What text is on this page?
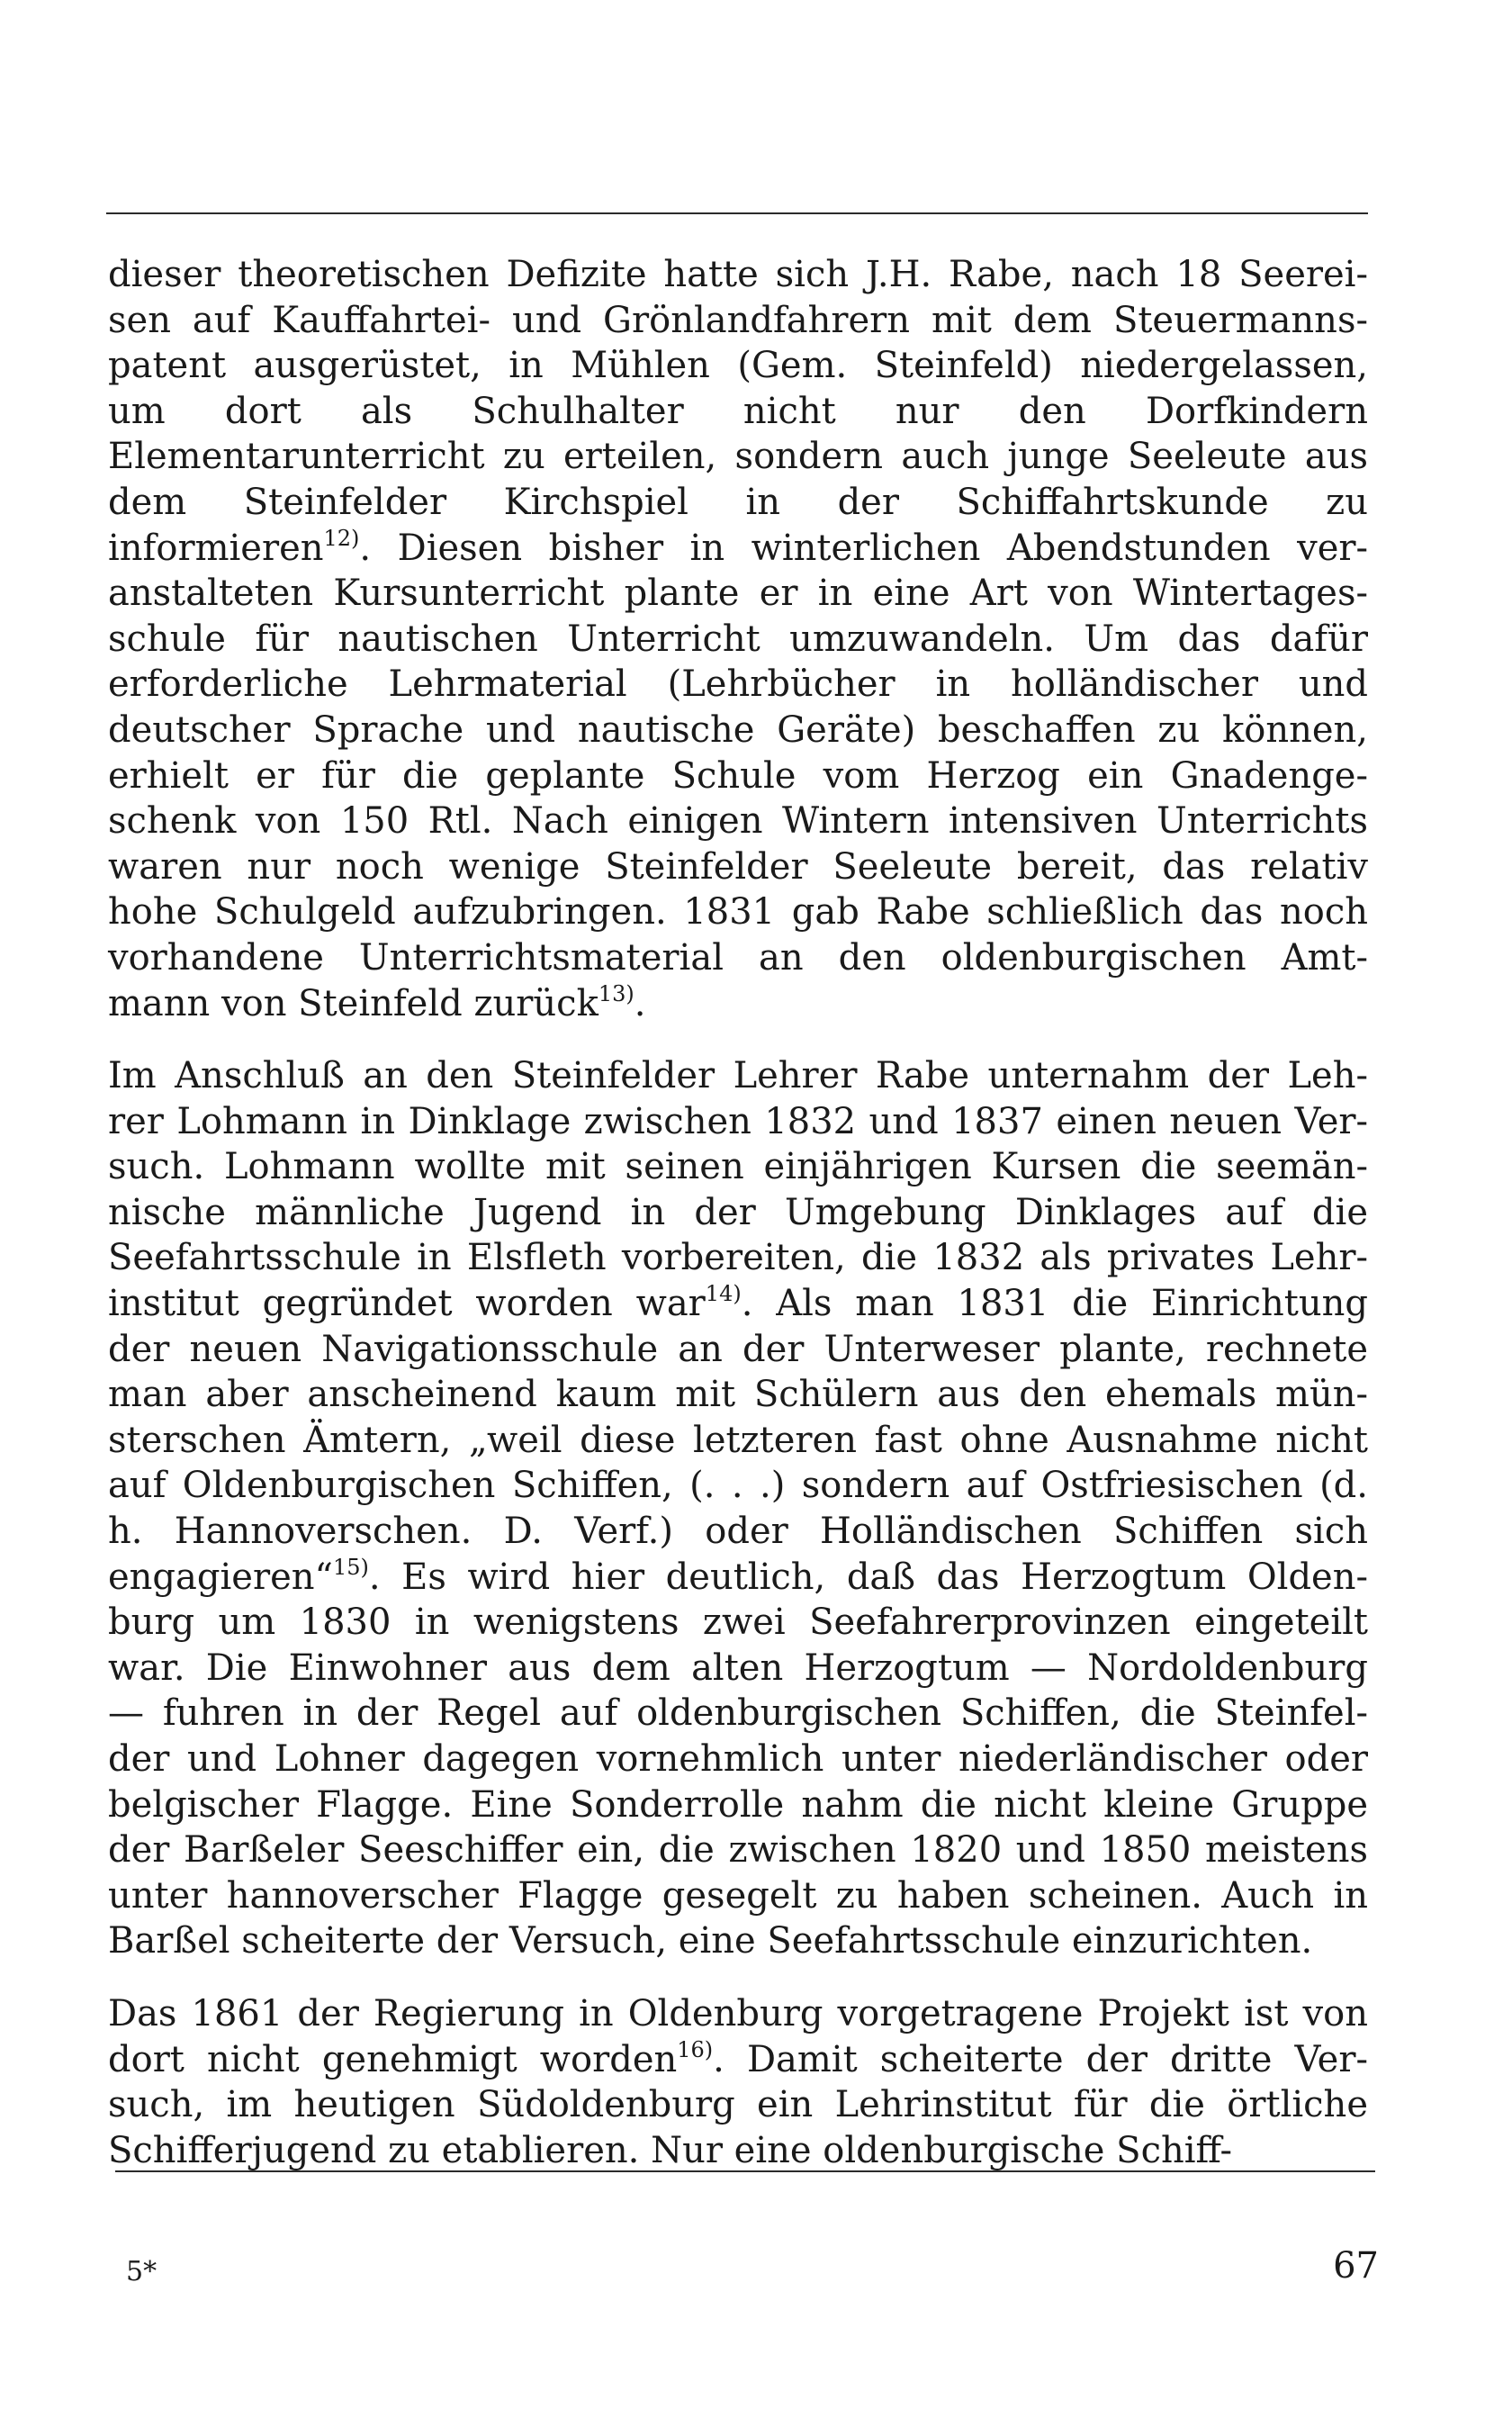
dieser theoretischen Defizite hatte sich J.H. Rabe, nach 18 Seerei-
sen auf Kauffahrtei- und Grönlandfahrern mit dem Steuermanns-
patent ausgerüstet, in Mühlen (Gem. Steinfeld) niedergelassen,
um dort als Schulhalter nicht nur den Dorfkindern
Elementarunterricht zu erteilen, sondern auch junge Seeleute aus
dem Steinfelder Kirchspiel in der Schiffahrtskunde zu
informieren$^{12)}$. Diesen bisher in winterlichen Abendstunden ver-
anstalteten Kursunterricht plante er in eine Art von Wintertages-
schule für nautischen Unterricht umzuwandeln. Um das dafür
erforderliche Lehrmaterial (Lehrbücher in holländischer und
deutscher Sprache und nautische Geräte) beschaffen zu können,
erhielt er für die geplante Schule vom Herzog ein Gnadenge-
schenk von 150 Rtl. Nach einigen Wintern intensiven Unterrichts
waren nur noch wenige Steinfelder Seeleute bereit, das relativ
hohe Schulgeld aufzubringen. 1831 gab Rabe schließlich das noch
vorhandene Unterrichtsmaterial an den oldenburgischen Amt-
mann von Steinfeld zurück$^{13)}$.

Im Anschluß an den Steinfelder Lehrer Rabe unternahm der Leh-
rer Lohmann in Dinklage zwischen 1832 und 1837 einen neuen Ver-
such. Lohmann wollte mit seinen einjährigen Kursen die seemän-
nische männliche Jugend in der Umgebung Dinklages auf die
Seefahrtsschule in Elsfleth vorbereiten, die 1832 als privates Lehr-
institut gegründet worden war$^{14)}$. Als man 1831 die Einrichtung
der neuen Navigationsschule an der Unterweser plante, rechnete
man aber anscheinend kaum mit Schülern aus den ehemals mün-
sterschen Ämtern, „weil diese letzteren fast ohne Ausnahme nicht
auf Oldenburgischen Schiffen, (. . .) sondern auf Ostfriesischen (d.
h. Hannoverschen. D. Verf.) oder Holländischen Schiffen sich
engagieren“$^{15)}$. Es wird hier deutlich, daß das Herzogtum Olden-
burg um 1830 in wenigstens zwei Seefahrerprovinzen eingeteilt
war. Die Einwohner aus dem alten Herzogtum — Nordoldenburg
— fuhren in der Regel auf oldenburgischen Schiffen, die Steinfel-
der und Lohner dagegen vornehmlich unter niederländischer oder
belgischer Flagge. Eine Sonderrolle nahm die nicht kleine Gruppe
der Barßeler Seeschiffer ein, die zwischen 1820 und 1850 meistens
unter hannoverscher Flagge gesegelt zu haben scheinen. Auch in
Barßel scheiterte der Versuch, eine Seefahrtsschule einzurichten.

Das 1861 der Regierung in Oldenburg vorgetragene Projekt ist von
dort nicht genehmigt worden$^{16)}$. Damit scheiterte der dritte Ver-
such, im heutigen Südoldenburg ein Lehrinstitut für die örtliche
Schifferjugend zu etablieren. Nur eine oldenburgische Schiff-

5*	67
